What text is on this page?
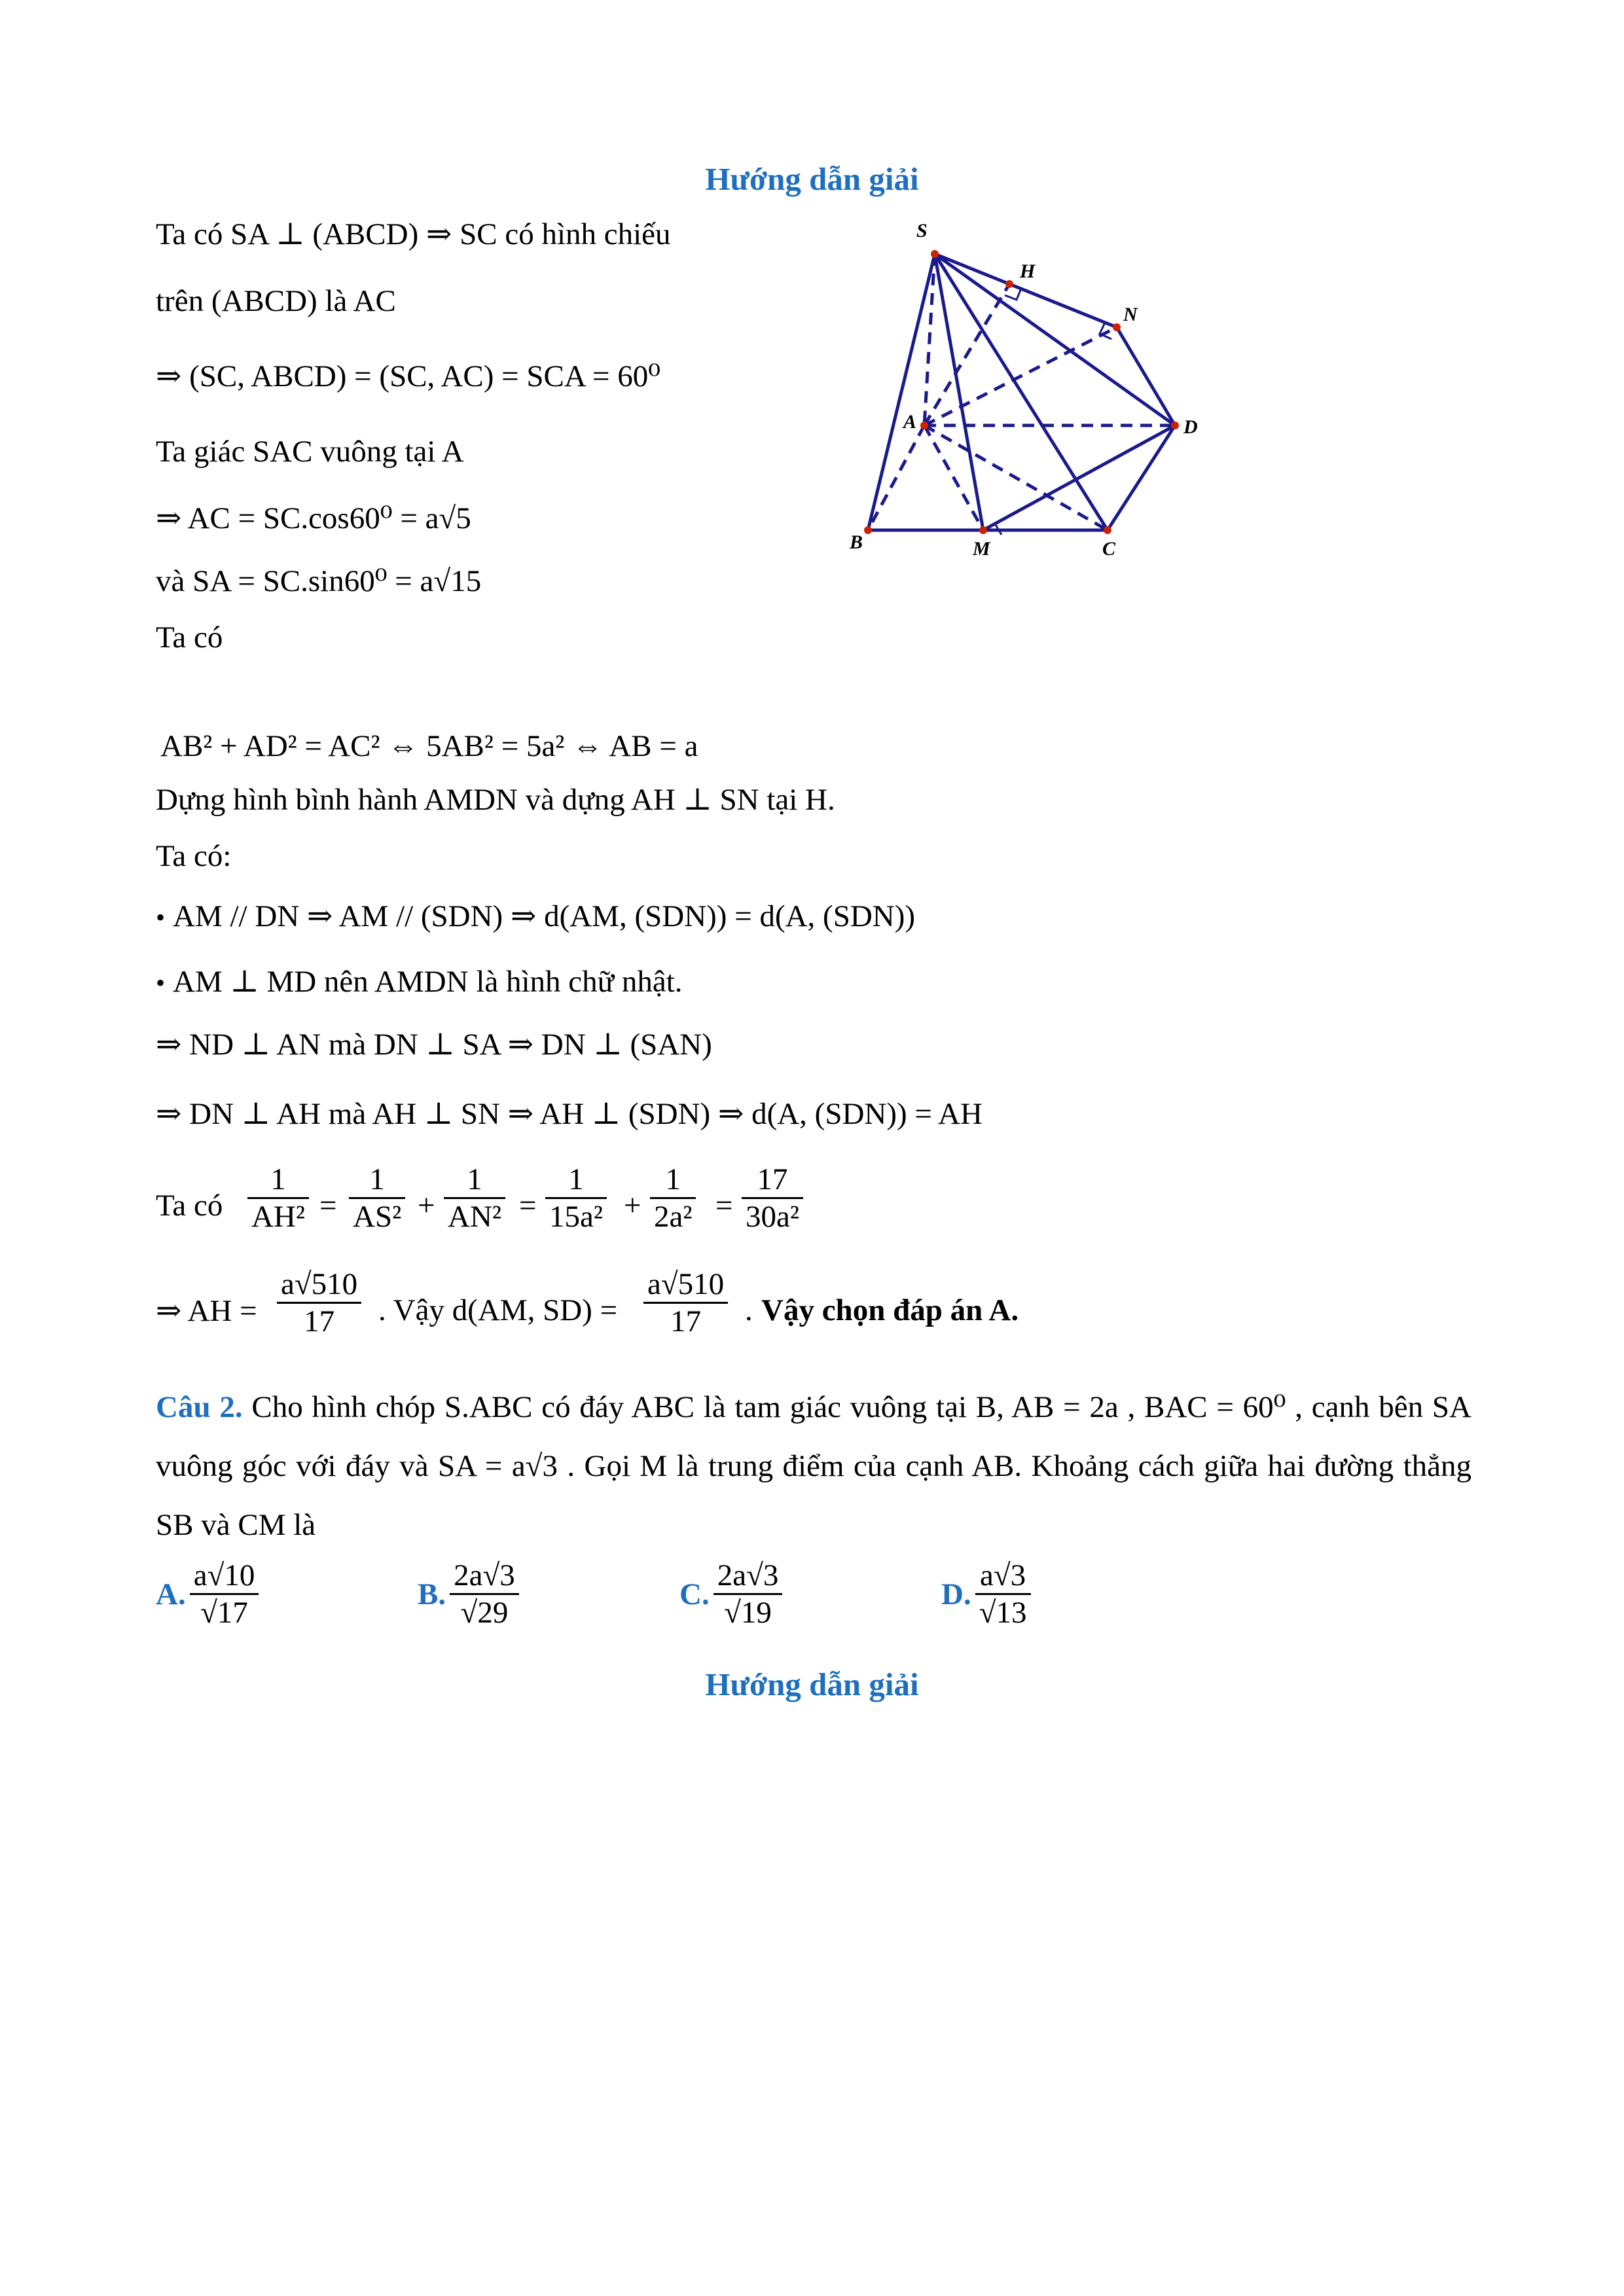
Hướng dẫn giải
Ta có SA ⊥ (ABCD) ⇒ SC có hình chiếu
trên (ABCD) là AC
⇒ (SC, ABCD) = (SC, AC) = SCA = 60⁰
Ta giác SAC vuông tại A
⇒ AC = SC.cos60⁰ = a√5
và SA = SC.sin60⁰ = a√15
Ta có
S
H
N
A	D
B	M	C
AB² + AD² = AC² ⇔ 5AB² = 5a² ⇔ AB = a
Dựng hình bình hành AMDN và dựng AH ⊥ SN tại H.
Ta có:
• AM // DN ⇒ AM // (SDN) ⇒ d(AM, (SDN)) = d(A, (SDN))
• AM ⊥ MD nên AMDN là hình chữ nhật.
⇒ ND ⊥ AN mà DN ⊥ SA ⇒ DN ⊥ (SAN)
⇒ DN ⊥ AH mà AH ⊥ SN ⇒ AH ⊥ (SDN) ⇒ d(A, (SDN)) = AH
Ta có $\frac{1}{\text{AH²}} = \frac{1}{\text{AS²}} + \frac{1}{\text{AN²}} = \frac{1}{\text{15a²}} + \frac{1}{\text{2a²}} = \frac{17}{\text{30a²}}$
⇒ AH = $\frac{a√510}{17}$ . Vậy d(AM, $SD) = \frac{a√510}{17}$ . Vậy chọn đáp án A.
Câu 2. Cho hình chóp S.ABC có đáy ABC là tam giác vuông tại B, AB = 2a , BAC = 60⁰ , cạnh bên SA vuông góc với đáy và SA = a√3 . Gọi M là trung điểm của cạnh AB. Khoảng cách giữa hai đường thẳng SB và CM là
A. $\frac{a√10}{√17}$	B. $\frac{2a√3}{√29}$	C. $\frac{2a√3}{√19}$	D. $\frac{a√3}{√13}$
Hướng dẫn giải
